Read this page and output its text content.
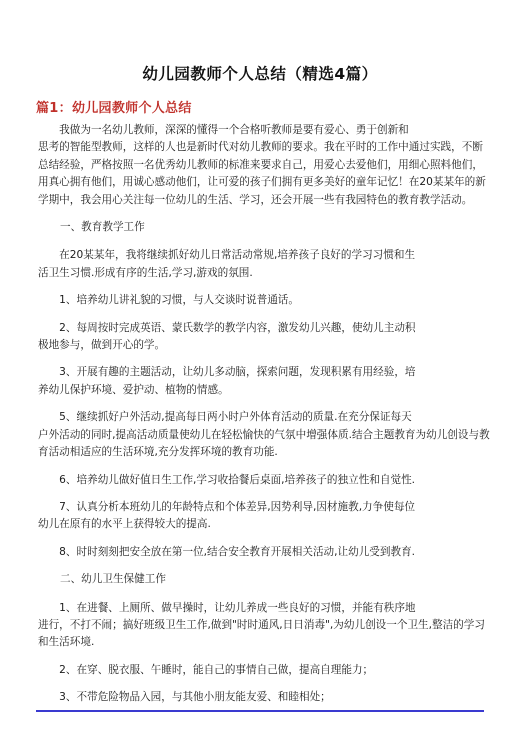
幼儿园教师个人总结（精选4篇）
篇1：幼儿园教师个人总结
　　我做为一名幼儿教师，深深的懂得一个合格听教师是要有爱心、勇于创新和
思考的智能型教师，这样的人也是新时代对幼儿教师的要求。我在平时的工作中通过实践，不断
总结经验，严格按照一名优秀幼儿教师的标准来要求自己，用爱心去爱他们，用细心照料他们，
用真心拥有他们，用诚心感动他们，让可爱的孩子们拥有更多美好的童年记忆！在20某某年的新
学期中，我会用心关注每一位幼儿的生活、学习，还会开展一些有我园特色的教育教学活动。
一、教育教学工作
　　在20某某年，我将继续抓好幼儿日常活动常规,培养孩子良好的学习习惯和生
活卫生习惯.形成有序的生活,学习,游戏的氛围.
　　1、培养幼儿讲礼貌的习惯，与人交谈时说普通话。
　　2、每周按时完成英语、蒙氏数学的教学内容，激发幼儿兴趣，使幼儿主动积
极地参与，做到开心的学。
　　3、开展有趣的主题活动，让幼儿多动脑，探索问题，发现积累有用经验，培
养幼儿保护环境、爱护动、植物的情感。
　　5、继续抓好户外活动,提高每日两小时户外体育活动的质量.在充分保证每天
户外活动的同时,提高活动质量使幼儿在轻松愉快的气氛中增强体质.结合主题教育为幼儿创设与教
育活动相适应的生活环境,充分发挥环境的教育功能.
　　6、培养幼儿做好值日生工作,学习收拾餐后桌面,培养孩子的独立性和自觉性.
　　7、认真分析本班幼儿的年龄特点和个体差异,因势利导,因材施教,力争使每位
幼儿在原有的水平上获得较大的提高.
　　8、时时刻刻把安全放在第一位,结合安全教育开展相关活动,让幼儿受到教育.
二、幼儿卫生保健工作
　　1、在进餐、上厕所、做早操时，让幼儿养成一些良好的习惯，并能有秩序地
进行，不打不闹；搞好班级卫生工作,做到"时时通风,日日消毒",为幼儿创设一个卫生,整洁的学习
和生活环境.
　　2、在穿、脱衣服、午睡时，能自己的事情自己做，提高自理能力；
　　3、不带危险物品入园，与其他小朋友能友爱、和睦相处；
